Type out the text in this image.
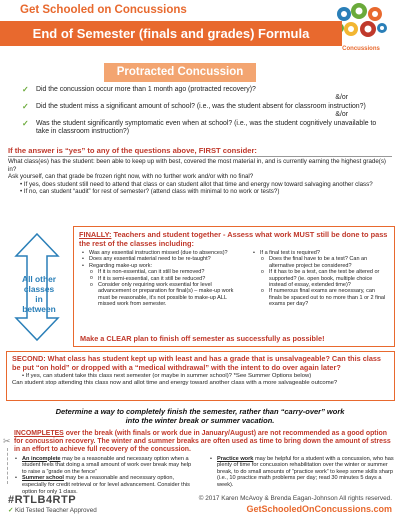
Get Schooled on Concussions
Concussions
End of Semester (finals and grades) Formula
Protracted Concussion
✓ Did the concussion occur more than 1 month ago (protracted recovery)?
&/or
✓ Did the student miss a significant amount of school? (i.e., was the student absent for classroom instruction?)
&/or
✓ Was the student significantly symptomatic even when at school? (i.e., was the student cognitively unavailable to take in classroom instruction?)
If the answer is “yes” to any of the questions above, FIRST consider:
What class(es) has the student: been able to keep up with best, covered the most material in, and is currently earning the highest grade(s) in?
Ask yourself, can that grade be frozen right now, with no further work and/or with no final?
• If yes, does student still need to attend that class or can student allot that time and energy now toward salvaging another class?
• If no, can student “audit” for rest of semester? (attend class with minimal to no work or tests?)
All other
classes
in between
FINALLY: Teachers and student together - Assess what work MUST still be done to pass the rest of the classes including:
• Was any essential instruction missed (due to absences)?
• Does any essential material need to be re-taught?
• Regarding make-up work:
o If it is non-essential, can it still be removed?
o If it is semi-essential, can it still be reduced?
o Consider only requiring work essential for level advancement or preparation for final(s) – make-up work must be reasonable, it’s not possible to make-up ALL missed work from semester.
• If a final test is required?
o Does the final have to be a test? Can an alternative project be considered?
o If it has to be a test, can the test be altered or supported? (ie. open book, multiple choice instead of essay, extended time)?
o If numerous final exams are necessary, can finals be spaced out to no more than 1 or 2 final exams per day?
Make a CLEAR plan to finish off semester as successfully as possible!
SECOND: What class has student kept up with least and has a grade that is unsalvageable? Can this class be put “on hold” or dropped with a “medical withdrawal” with the intent to do over again later?
• If yes, can student take this class next semester (or maybe in summer school)? *See Summer Options below)
Can student stop attending this class now and allot time and energy toward another class with a more salvageable outcome?
Determine a way to completely finish the semester, rather than “carry-over” work
into the winter break or summer vacation.
✂
INCOMPLETES over the break (with finals or work due in January/August) are not recommended as a good option for concussion recovery. The winter and summer breaks are often used as time to bring down the amount of stress in an effort to achieve full recovery of the concussion.
• An incomplete may be a reasonable and necessary option when a student feels that doing a small amount of work over break may help to raise a “grade on the fence”
• Summer school may be a reasonable and necessary option, especially for credit retrieval or for level advancement. Consider this option for only 1 class.
• Practice work may be helpful for a student with a concussion, who has plenty of time for concussion rehabilitation over the winter or summer break, to do small amounts of “practice work” to keep some skills sharp (i.e., 10 practice math problems per day; read 30 minutes 5 days a week).
#RTLB4RTP
✓ Kid Tested Teacher Approved
© 2017 Karen McAvoy & Brenda Eagan-Johnson All rights reserved.
GetSchooledOnConcussions.com
